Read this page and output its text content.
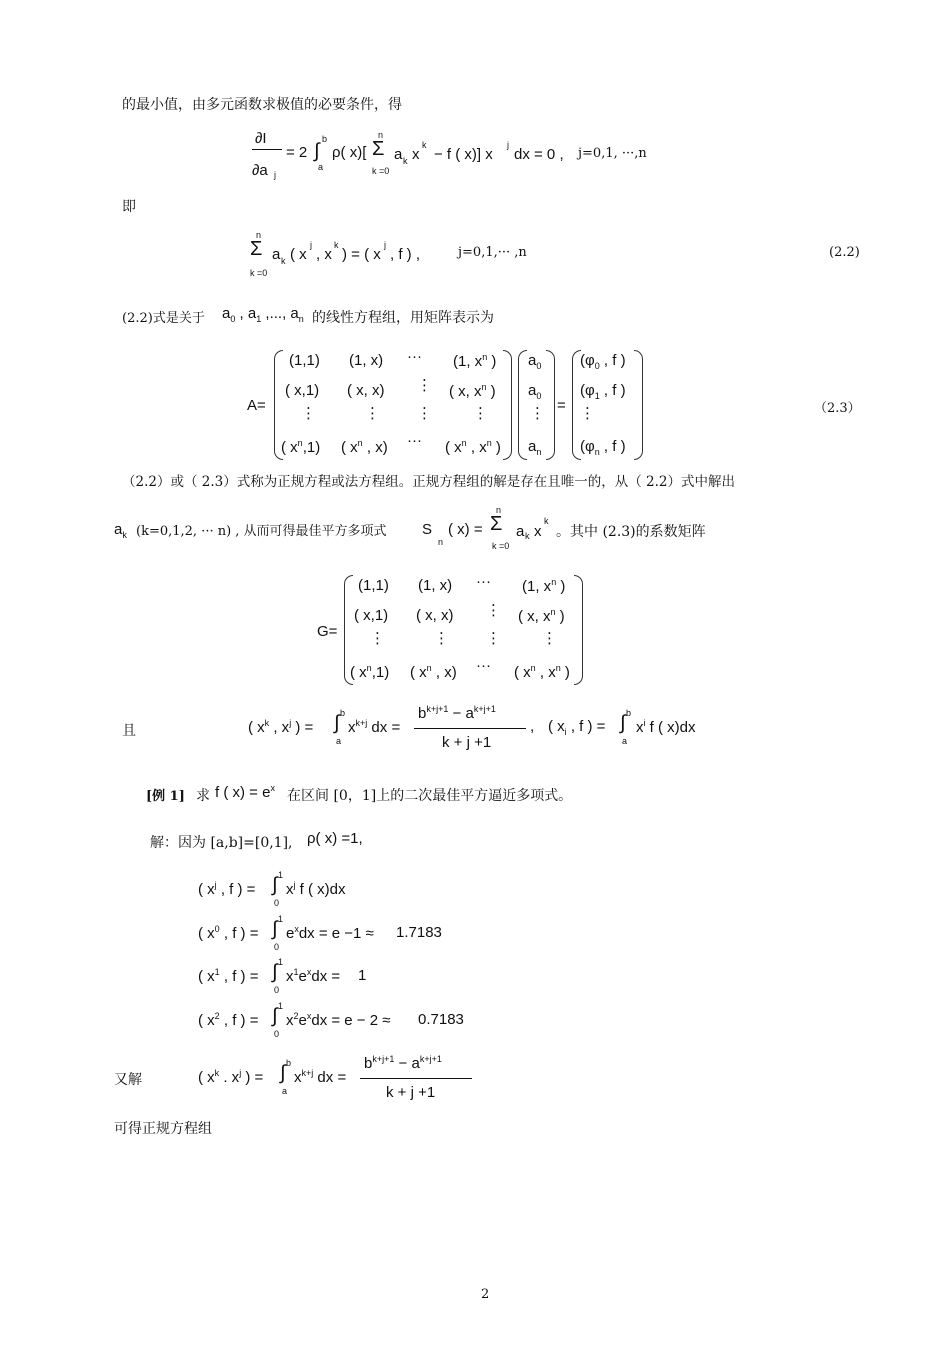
的最小值，由多元函数求极值的必要条件，得
∂I
∂a j
= 2 ∫
b
a
ρ( x)[ Σ
n
k =0
a k x
k
− f ( x)] x
j
dx = 0 , j=0,1, ···,n
即
n
Σ
k =0
a k ( x
j
, x
k
) = ( x
j
, f ) ,	j=0,1,··· ,n	(2.2)
(2.2)式是关于 $a_0$ , $a_1$ ,..., $a_n$ 的线性方程组，用矩阵表示为
A=
(1,1) (1, x) ··· (1, $x^n$ )
( x,1) ( x, x) ⋮ ( x, $x^n$ )
⋮	⋮ ⋮	⋮
( $x^n,1$) ( $x^n$ , x) ··· ( $x^n$ , $x^n$ )
$a_0$
$a_0$
⋮
$a_n$
=
($\varphi_0$ , f )
($\varphi_1$ , f )
⋮
($\varphi_n$ , f )
（2.3）
（2.2）或（ 2.3）式称为正规方程或法方程组。正规方程组的解是存在且唯一的，从（ 2.2）式中解出
$a_k$ (k=0,1,2, ··· n) , 从而可得最佳平方多项式 S
n
( x) = Σ
n
k =0
a k x
k
。其中 (2.3)的系数矩阵
G=
(1,1) (1, x) ··· (1, $x^n$ )
( x,1) ( x, x) ⋮ ( x, $x^n$ )
⋮	⋮ ⋮	⋮
( $x^n,1$) ( $x^n$ , x) ··· ( $x^n$ , $x^n$ )
且	( $x^k$ , $x^j$ ) = ∫ b
a
$x^{k+j}$ dx =
$b^{k+j+1} - a^{k+j+1}$
k + j +1
, ( $x_i$ , f ) = ∫ b
a
$x^i$ f ( x)dx
[例 1] 求 f ( $x) = e^x$ 在区间 [0，1]上的二次最佳平方逼近多项式。
解：因为 [a,b]=[0,1], ρ( x) =1,
( $x^j$ , f ) = ∫ 1
0
$x^j$ f ( x)dx
( $x^0$ , f ) = ∫ 1
0
$e^xdx = e -1 \approx 1.7183$
( $x^1$ , f ) = ∫ 1
0
$x^1e^xdx = 1$
( $x^2$ , f ) = ∫ 1
0
$x^2e^xdx = e - 2 \approx 0.7183$
又解	( $x^k$ . $x^j$ ) = ∫ b
a
$x^{k+j}$ dx =
$b^{k+j+1} - a^{k+j+1}$
k + j +1
可得正规方程组
2
